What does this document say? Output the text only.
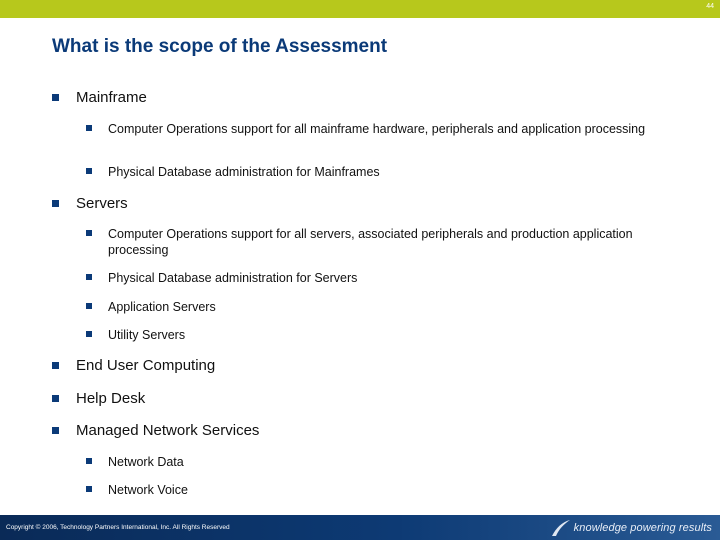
44
What is the scope of the Assessment
Mainframe
Computer Operations support for all mainframe hardware, peripherals and application processing
Physical Database administration for Mainframes
Servers
Computer Operations support for all servers, associated peripherals and production application processing
Physical Database administration for Servers
Application Servers
Utility Servers
End User Computing
Help Desk
Managed Network Services
Network Data
Network Voice
Copyright © 2006, Technology Partners International, Inc. All Rights Reserved	knowledge powering results
